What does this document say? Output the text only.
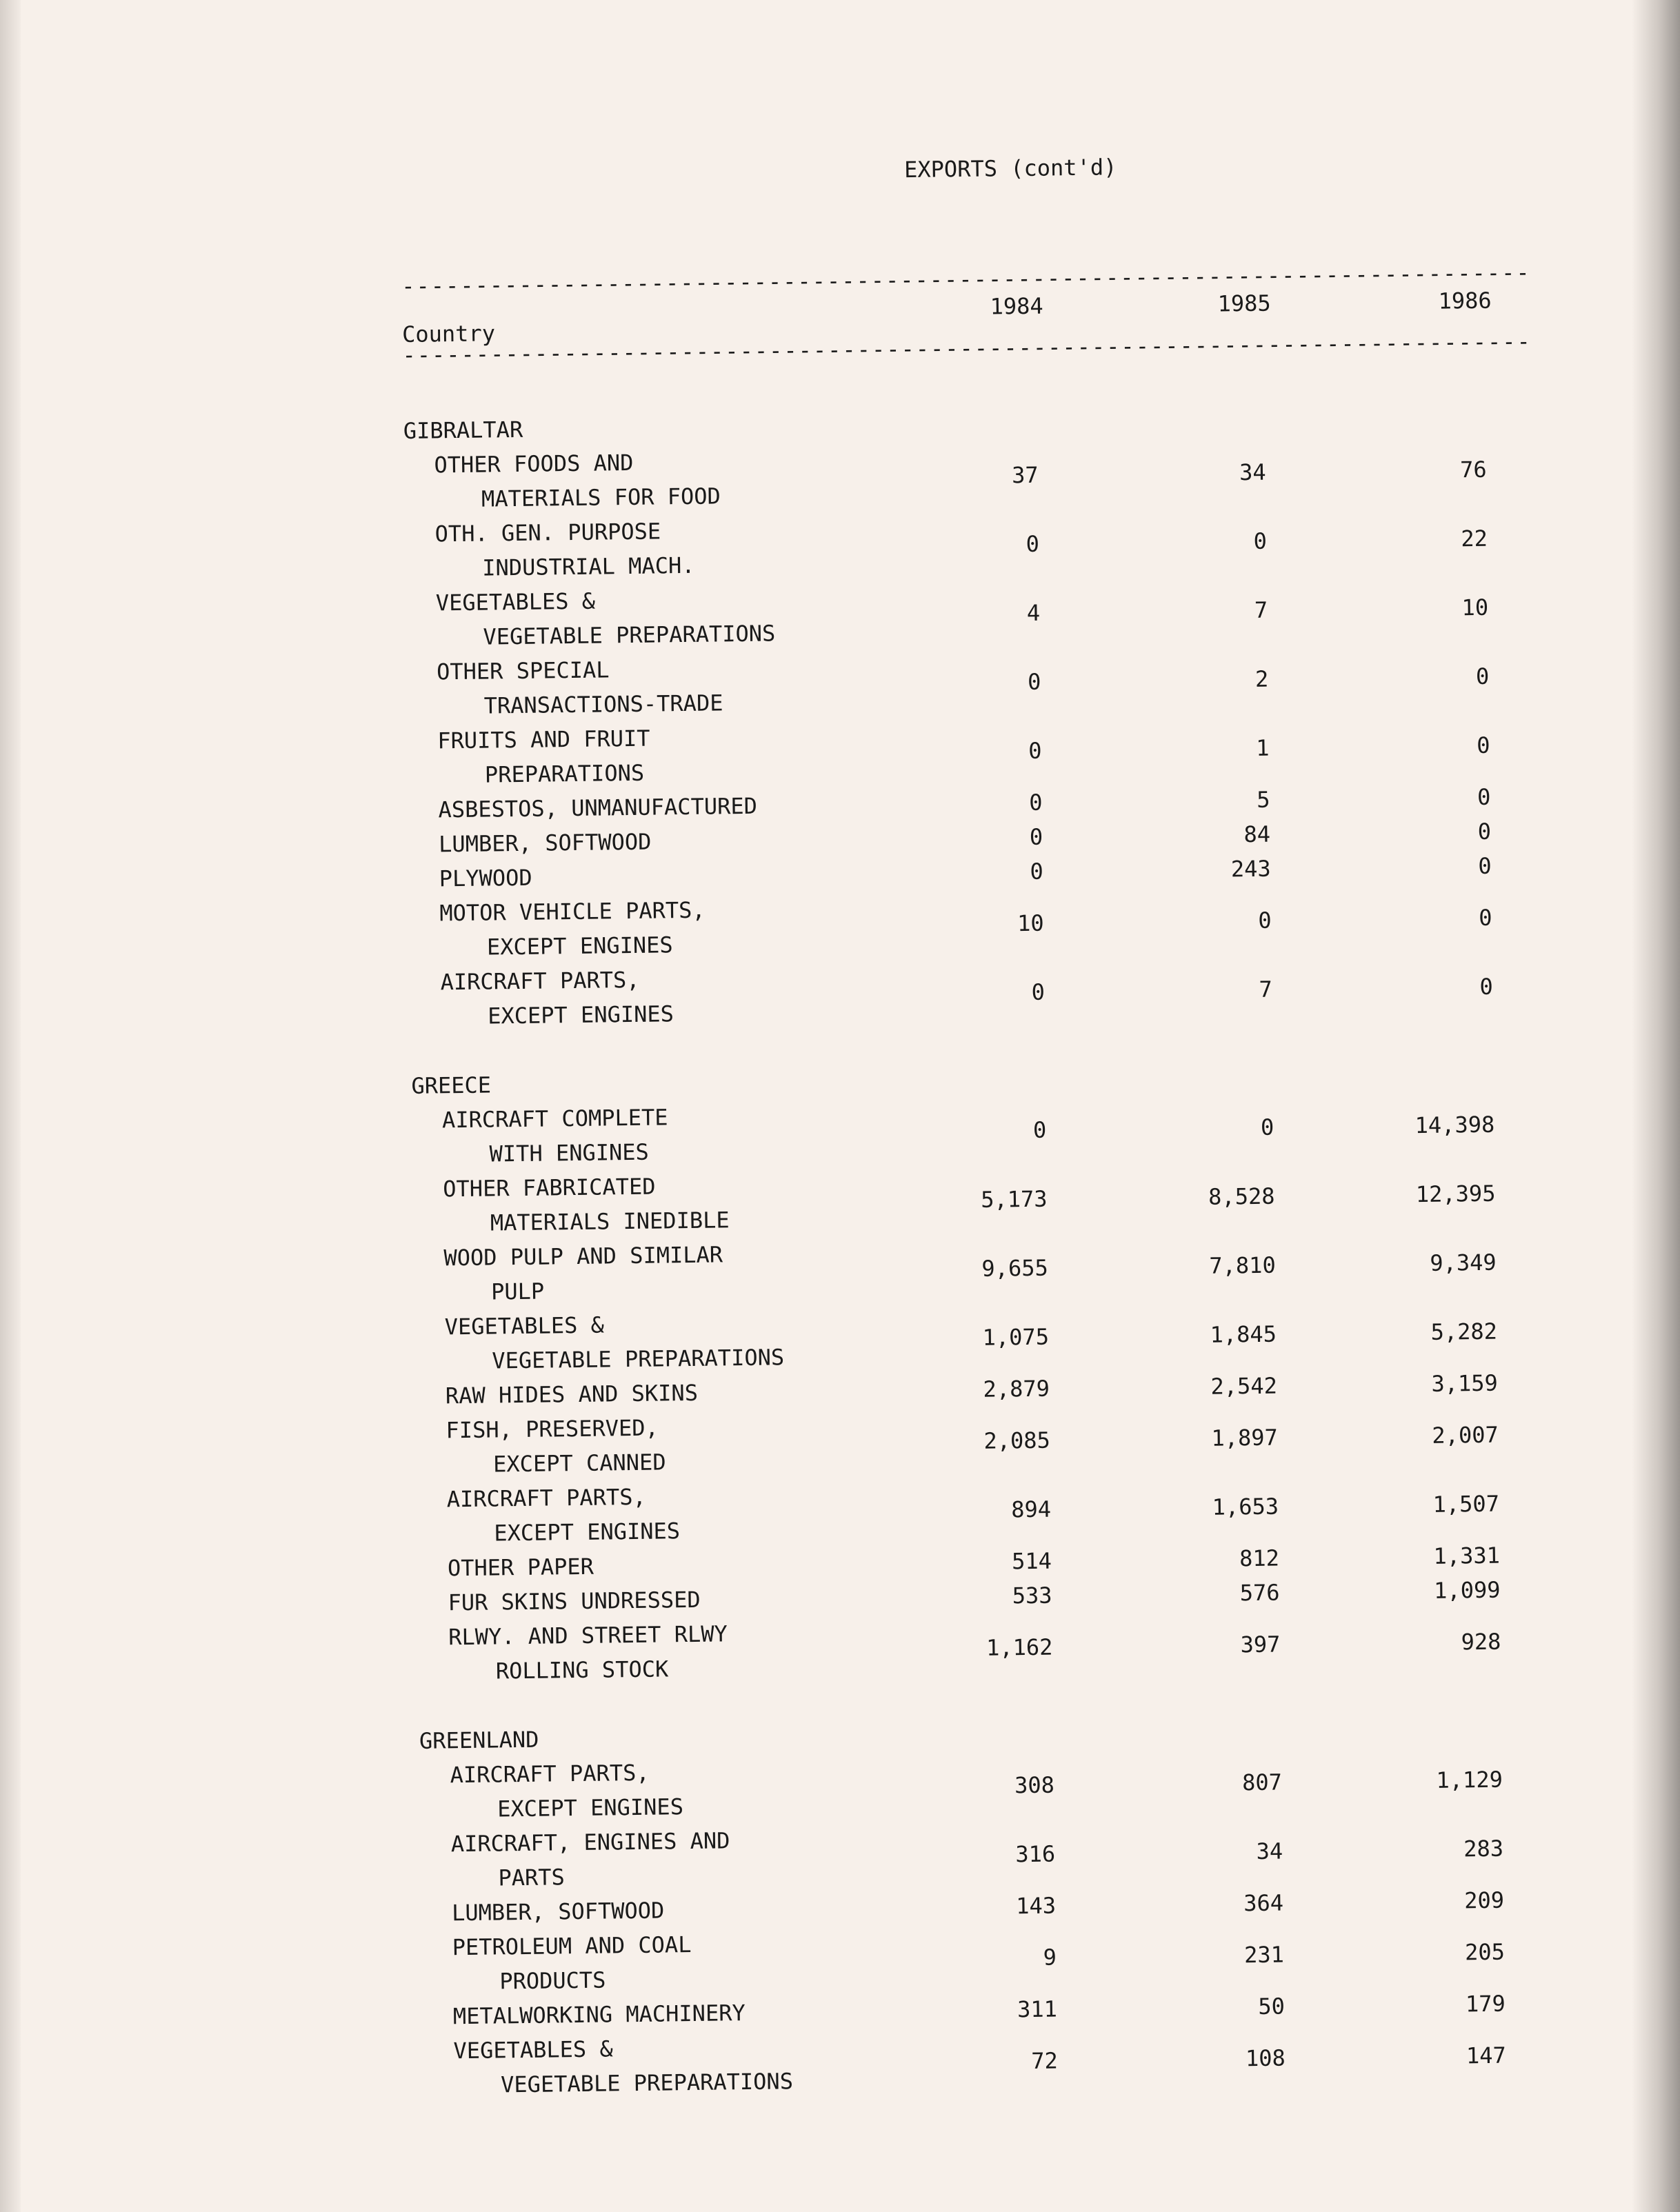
EXPORTS (cont'd)
-----
Country
1984	1985	1986
-----
GIBRALTAR
OTHER FOODS AND
MATERIALS FOR FOOD
37	34	76
OTH. GEN. PURPOSE
INDUSTRIAL MACH.
0	0	22
VEGETABLES &
VEGETABLE PREPARATIONS
4	7	10
OTHER SPECIAL
TRANSACTIONS-TRADE
0	2	0
FRUITS AND FRUIT
PREPARATIONS
0	1	0
ASBESTOS, UNMANUFACTURED	0	5	0
LUMBER, SOFTWOOD	0	84	0
PLYWOOD	0	243	0
MOTOR VEHICLE PARTS,
EXCEPT ENGINES
10	0	0
AIRCRAFT PARTS,
EXCEPT ENGINES
0	7	0
GREECE
AIRCRAFT COMPLETE
WITH ENGINES
0	0	14,398
OTHER FABRICATED
MATERIALS INEDIBLE
5,173	8,528	12,395
WOOD PULP AND SIMILAR
PULP
9,655	7,810	9,349
VEGETABLES &
VEGETABLE PREPARATIONS
1,075	1,845	5,282
RAW HIDES AND SKINS	2,879	2,542	3,159
FISH, PRESERVED,
EXCEPT CANNED
2,085	1,897	2,007
AIRCRAFT PARTS,
EXCEPT ENGINES
894	1,653	1,507
OTHER PAPER	514	812	1,331
FUR SKINS UNDRESSED	533	576	1,099
RLWY. AND STREET RLWY
ROLLING STOCK
1,162	397	928
GREENLAND
AIRCRAFT PARTS,
EXCEPT ENGINES
308	807	1,129
AIRCRAFT, ENGINES AND
PARTS
316	34	283
LUMBER, SOFTWOOD	143	364	209
PETROLEUM AND COAL
PRODUCTS
9	231	205
METALWORKING MACHINERY	311	50	179
VEGETABLES &
VEGETABLE PREPARATIONS
72	108	147
